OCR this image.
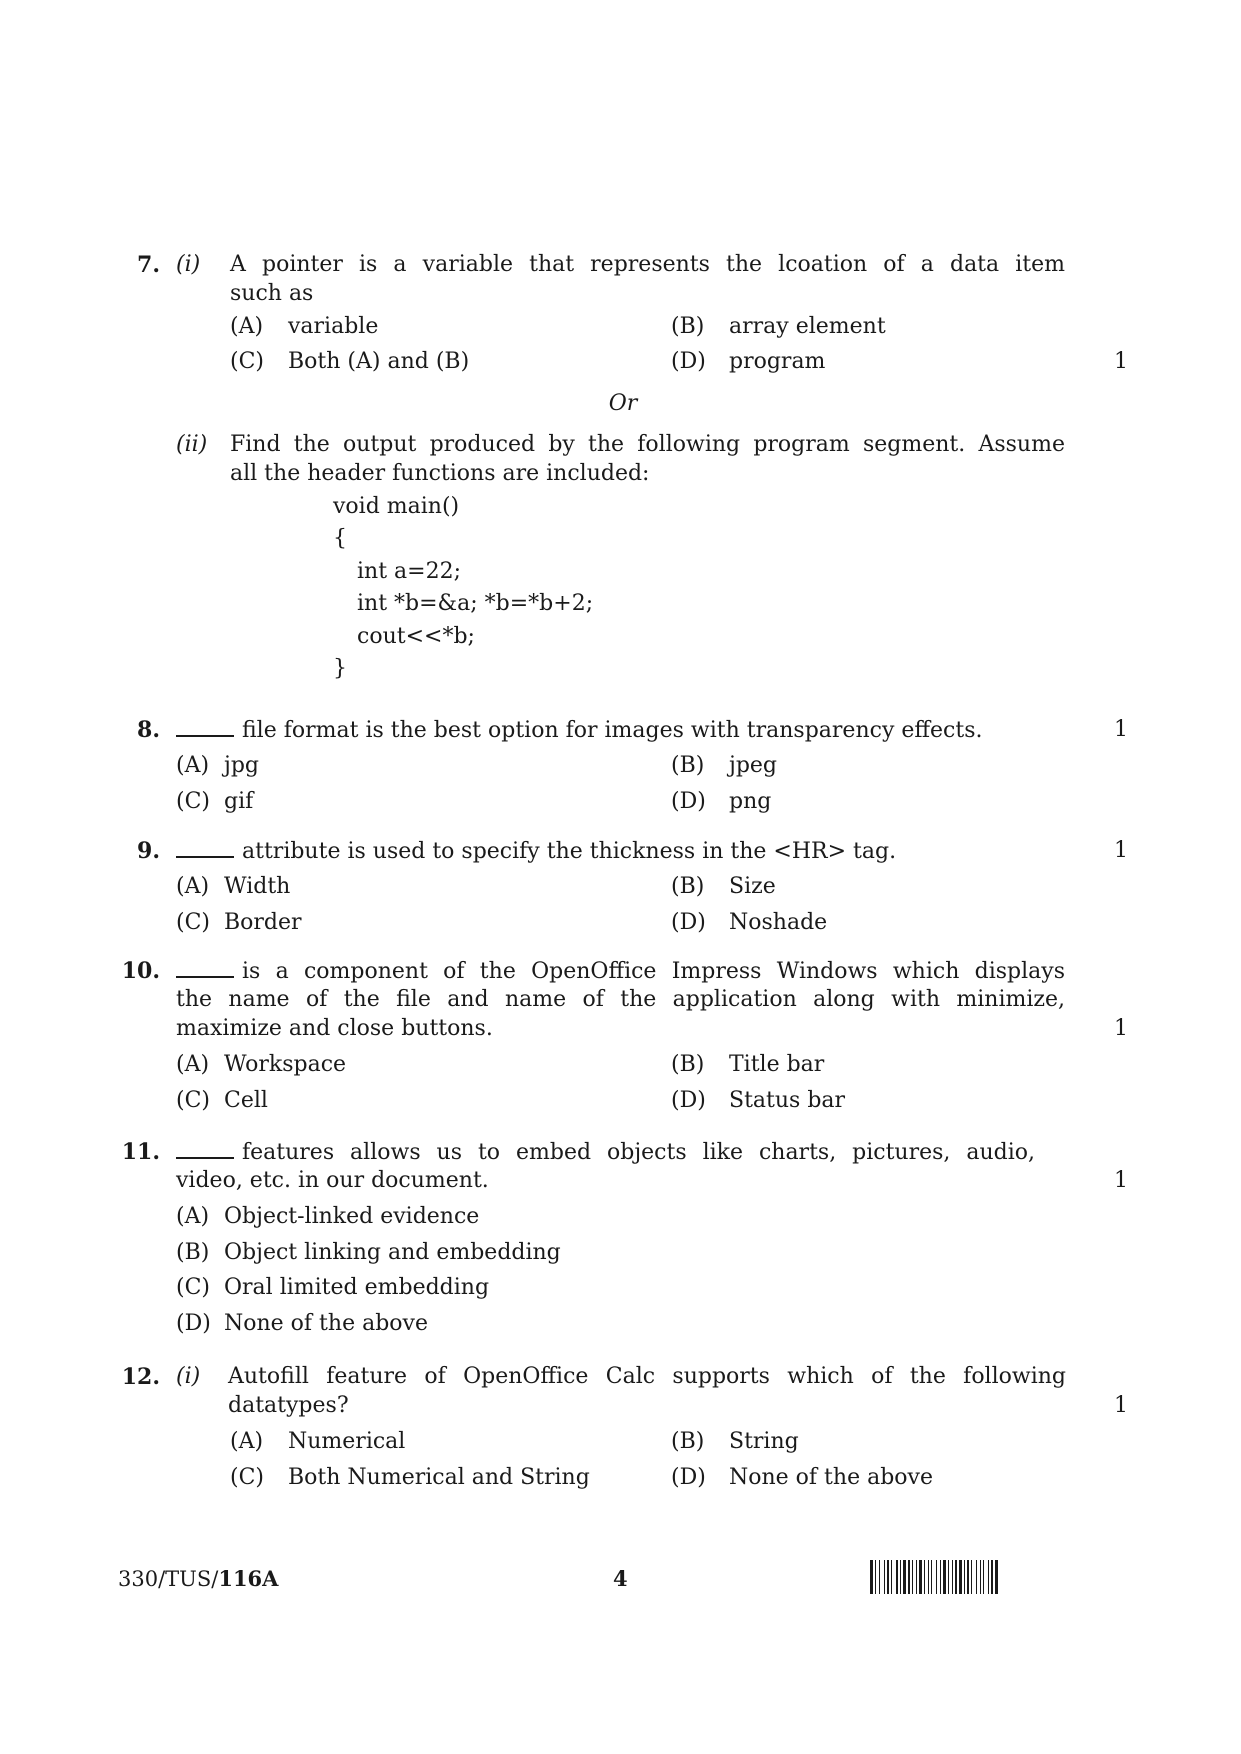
7. (i) A pointer is a variable that represents the lcoation of a data item
such as
(A) variable	(B) array element
(C) Both (A) and (B)	(D) program	1
Or
(ii) Find the output produced by the following program segment. Assume
all the header functions are included:
void main()
{
int a=22;
int *b=&a; *b=*b+2;
cout<<*b;
}
8.	file format is the best option for images with transparency effects.	1
(A) jpg	(B) jpeg
(C) gif	(D) png
9.	attribute is used to specify the thickness in the <HR> tag.	1
(A) Width	(B) Size
(C) Border	(D) Noshade
10.	is a component of the OpenOffice Impress Windows which displays
the name of the file and name of the application along with minimize,
maximize and close buttons.	1
(A) Workspace	(B) Title bar
(C) Cell	(D) Status bar
11.	features allows us to embed objects like charts, pictures, audio,
video, etc. in our document.	1
(A) Object-linked evidence
(B) Object linking and embedding
(C) Oral limited embedding
(D) None of the above
12. (i) Autofill feature of OpenOffice Calc supports which of the following
datatypes?	1
(A) Numerical	(B) String
(C) Both Numerical and String	(D) None of the above
330/TUS/116A	4
